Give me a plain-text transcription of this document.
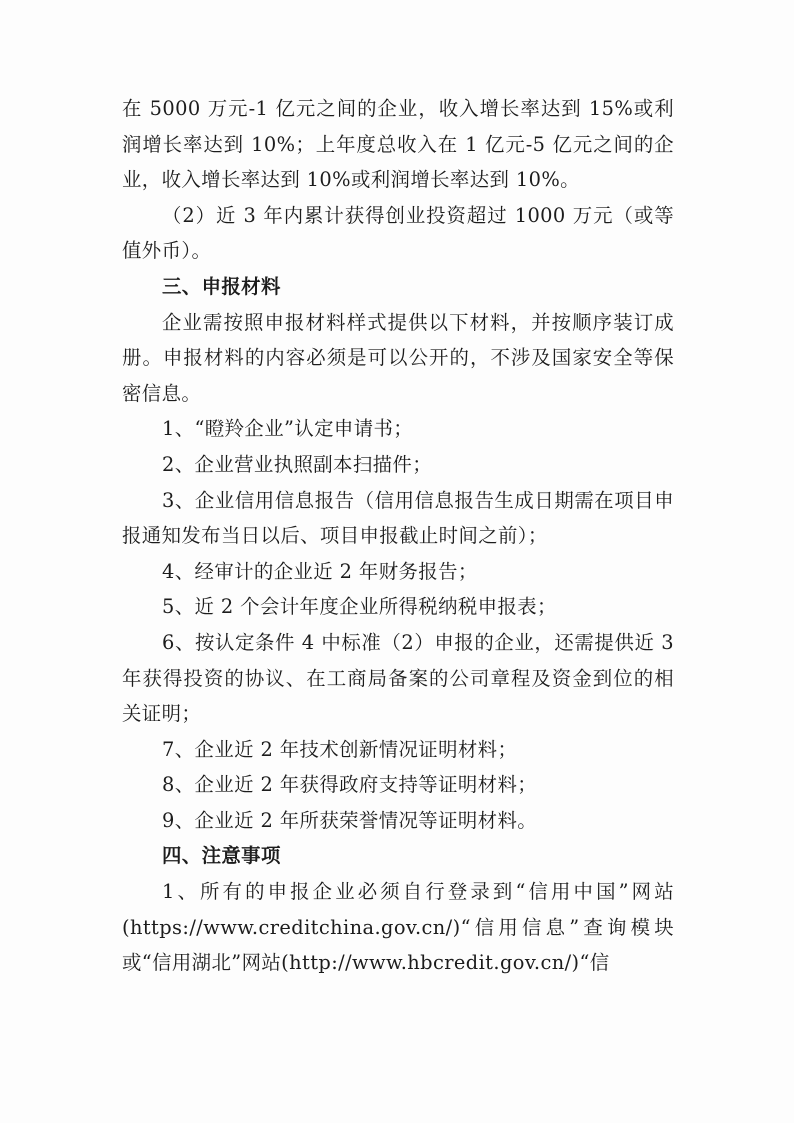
在 5000 万元-1 亿元之间的企业，收入增长率达到 15%或利润增长率达到 10%；上年度总收入在 1 亿元-5 亿元之间的企业，收入增长率达到 10%或利润增长率达到 10%。

（2）近 3 年内累计获得创业投资超过 1000 万元（或等值外币）。

三、申报材料

企业需按照申报材料样式提供以下材料，并按顺序装订成册。申报材料的内容必须是可以公开的，不涉及国家安全等保密信息。

1、“瞪羚企业”认定申请书；

2、企业营业执照副本扫描件；

3、企业信用信息报告（信用信息报告生成日期需在项目申报通知发布当日以后、项目申报截止时间之前）；

4、经审计的企业近 2 年财务报告；

5、近 2 个会计年度企业所得税纳税申报表；

6、按认定条件 4 中标准（2）申报的企业，还需提供近 3 年获得投资的协议、在工商局备案的公司章程及资金到位的相关证明；

7、企业近 2 年技术创新情况证明材料；

8、企业近 2 年获得政府支持等证明材料；

9、企业近 2 年所获荣誉情况等证明材料。

四、注意事项

1、所有的申报企业必须自行登录到“信用中国”网站(https://www.creditchina.gov.cn/)“信用信息”查询模块或“信用湖北”网站(http://www.hbcredit.gov.cn/)“信
